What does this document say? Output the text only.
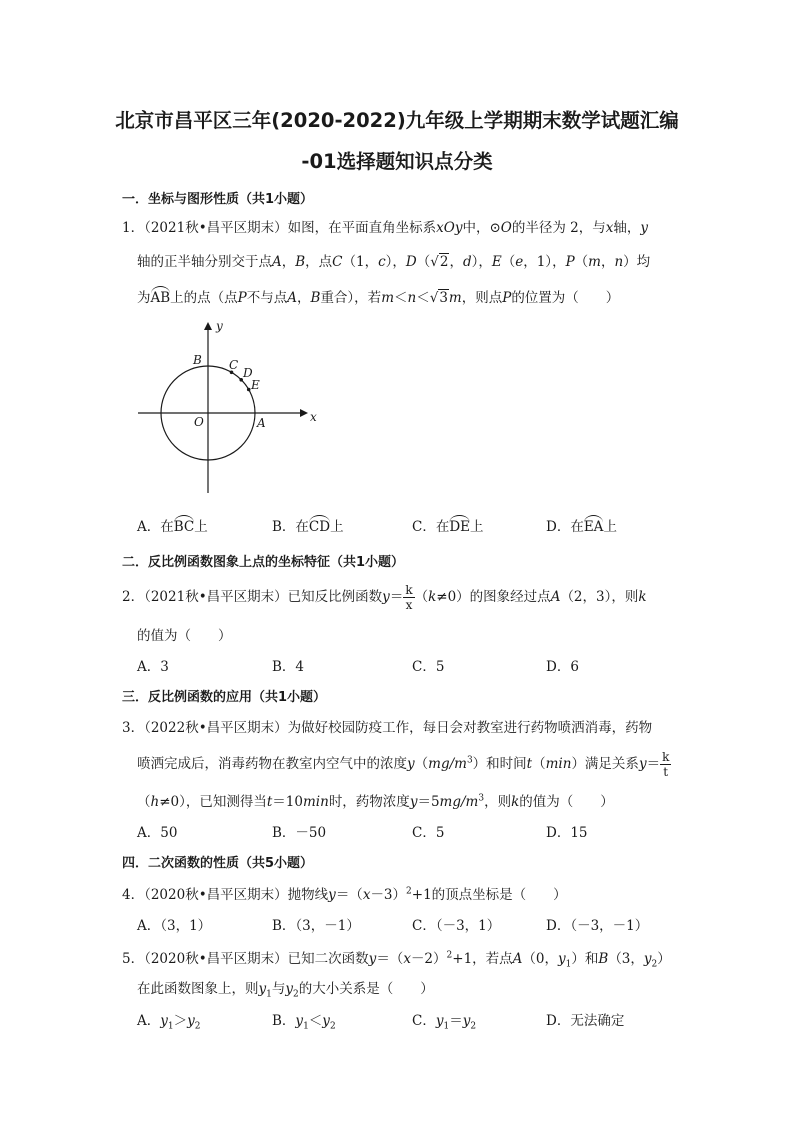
北京市昌平区三年(2020-2022)九年级上学期期末数学试题汇编
-01选择题知识点分类
一．坐标与图形性质（共1小题）
1．（2021秋•昌平区期末）如图，在平面直角坐标系xOy中，⊙O的半径为 2，与x轴，y
轴的正半轴分别交于点A，B，点C（1，c），D（√2，d），E（e，1），P（m，n）均
为AB上的点（点P不与点A，B重合），若m＜n＜√3m，则点P的位置为（　　）
y
x
O	A
B C
D
E
A．在BC上	B．在CD上	C．在DE上	D．在EA上
二．反比例函数图象上点的坐标特征（共1小题）
2．（2021秋•昌平区期末）已知反比例函数$y= \frac{k}{x} (k\ne 0)$的图象经过点A（2，3），则k
的值为（　　）
A．3	B．4	C．5	D．6
三．反比例函数的应用（共1小题）
3．（2022秋•昌平区期末）为做好校园防疫工作，每日会对教室进行药物喷洒消毒，药物
喷洒完成后，消毒药物在教室内空气中的浓度$y(mg/m^3)$和时间t（min）满足关系$y= \frac{k}{t}$
（h≠0），已知测得当t＝10min时，药物浓度$y=5mg/m^3$，则k的值为（　　）
A．50	B．－50	C．5	D．15
四．二次函数的性质（共5小题）
4．（2020秋•昌平区期末）抛物线$y=(x-3)^2+1$的顶点坐标是（　　）
A．（3，1）	B．（3，－1）	C．（－3，1）	D．（－3，－1）
5．（2020秋•昌平区期末）已知二次函数$y=(x-2)^2+1$，若点A（0，$y_1$）和B（3，$y_2$）
在此函数图象上，则$y_1$与$y_2$的大小关系是（　　）
A．$y_1>y_2$	B．$y_1<y_2$	C．$y_1=y_2$	D．无法确定
